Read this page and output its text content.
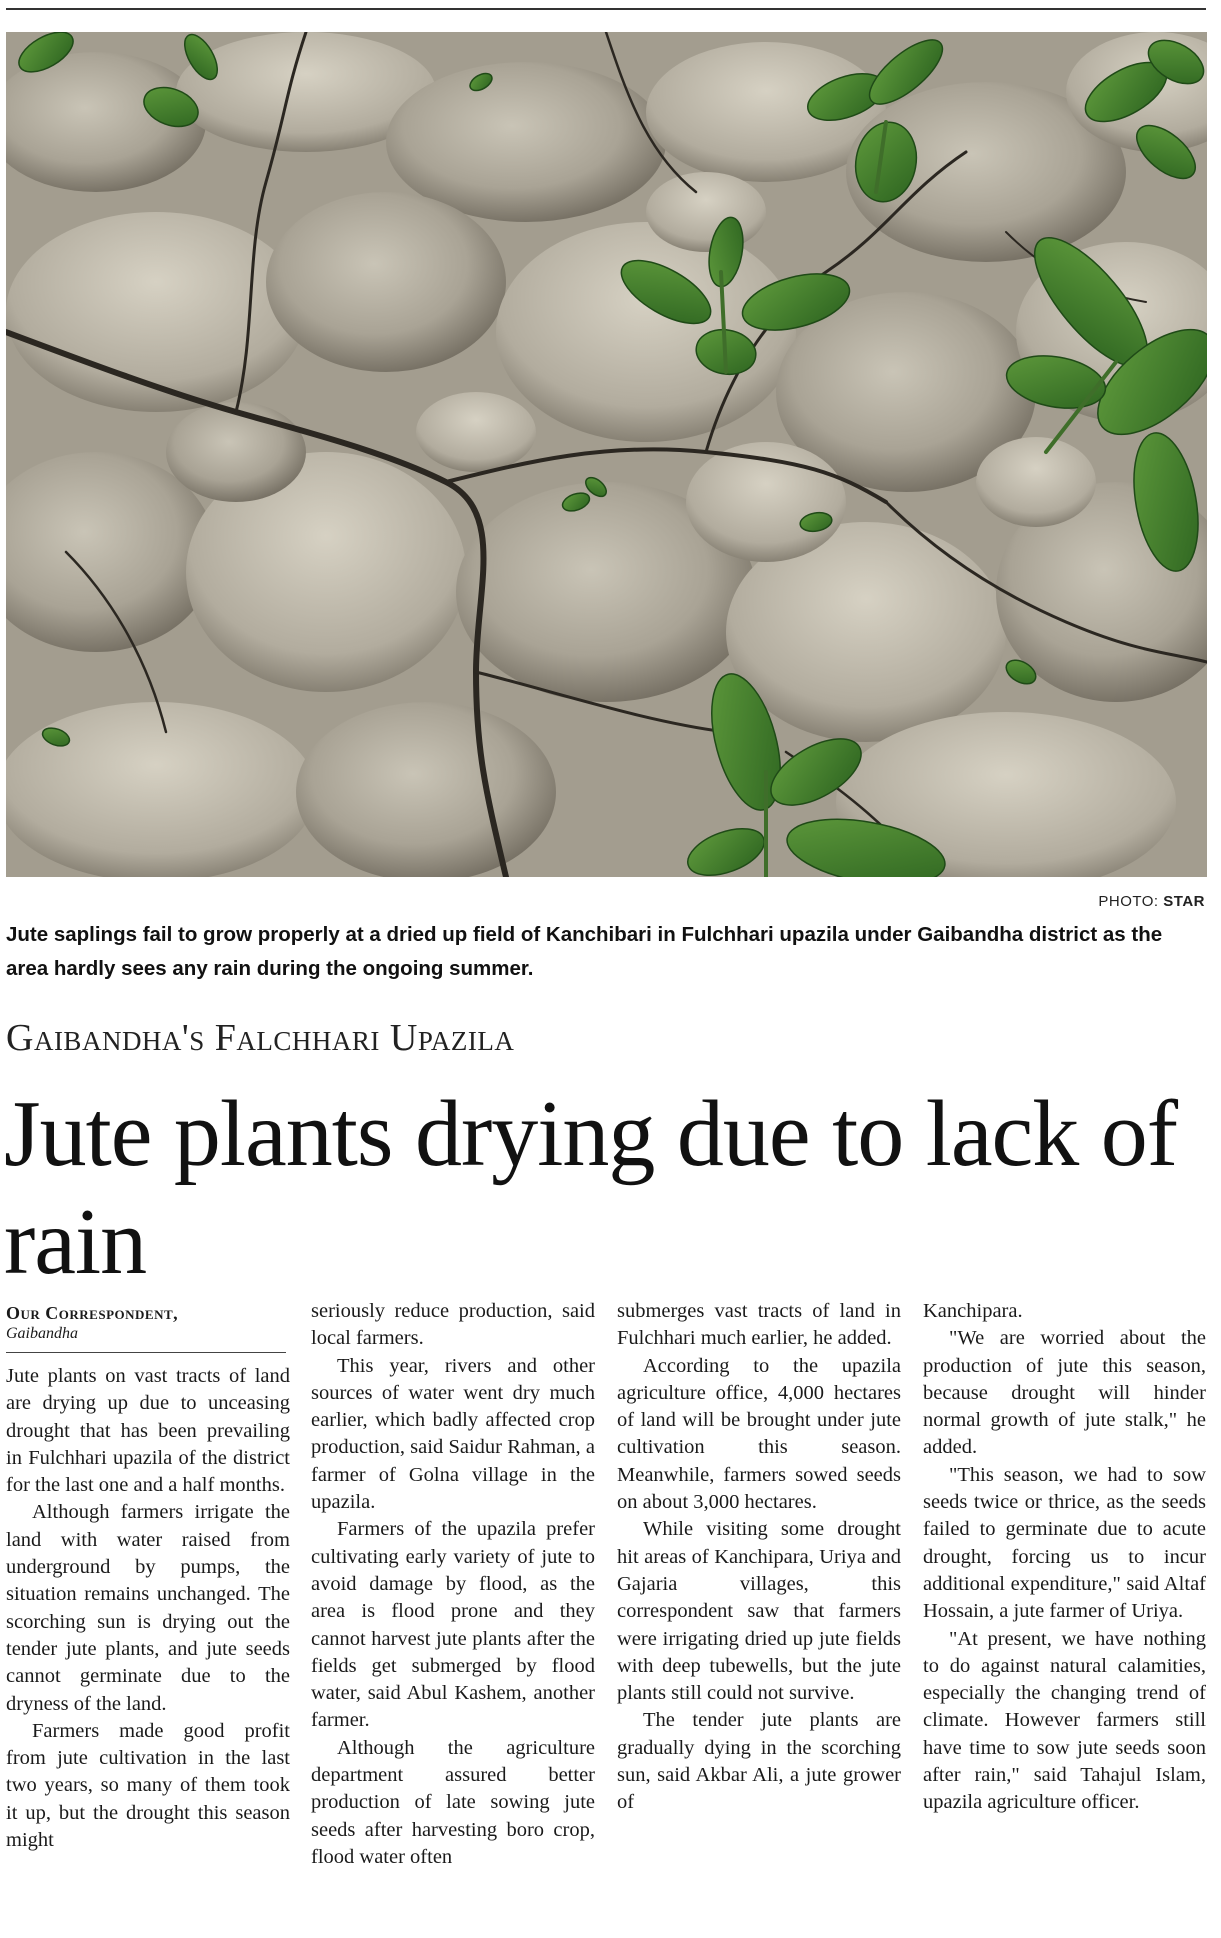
PHOTO: STAR
Jute saplings fail to grow properly at a dried up field of Kanchibari in Fulchhari upazila under Gaibandha district as the area hardly sees any rain during the ongoing summer.
Gaibandha's Falchhari Upazila
Jute plants drying due to lack of rain
Our Correspondent,
Gaibandha

Jute plants on vast tracts of land are drying up due to unceasing drought that has been prevailing in Fulchhari upazila of the district for the last one and a half months.

Although farmers irrigate the land with water raised from underground by pumps, the situation remains unchanged. The scorching sun is drying out the tender jute plants, and jute seeds cannot germinate due to the dryness of the land.

Farmers made good profit from jute cultivation in the last two years, so many of them took it up, but the drought this season might

seriously reduce production, said local farmers.

This year, rivers and other sources of water went dry much earlier, which badly affected crop production, said Saidur Rahman, a farmer of Golna village in the upazila.

Farmers of the upazila prefer cultivating early variety of jute to avoid damage by flood, as the area is flood prone and they cannot harvest jute plants after the fields get submerged by flood water, said Abul Kashem, another farmer.

Although the agriculture department assured better production of late sowing jute seeds after harvesting boro crop, flood water often

submerges vast tracts of land in Fulchhari much earlier, he added.

According to the upazila agriculture office, 4,000 hectares of land will be brought under jute cultivation this season. Meanwhile, farmers sowed seeds on about 3,000 hectares.

While visiting some drought hit areas of Kanchipara, Uriya and Gajaria villages, this correspondent saw that farmers were irrigating dried up jute fields with deep tubewells, but the jute plants still could not survive.

The tender jute plants are gradually dying in the scorching sun, said Akbar Ali, a jute grower of

Kanchipara.

"We are worried about the production of jute this season, because drought will hinder normal growth of jute stalk," he added.

"This season, we had to sow seeds twice or thrice, as the seeds failed to germinate due to acute drought, forcing us to incur additional expenditure," said Altaf Hossain, a jute farmer of Uriya.

"At present, we have nothing to do against natural calamities, especially the changing trend of climate. However farmers still have time to sow jute seeds soon after rain," said Tahajul Islam, upazila agriculture officer.
